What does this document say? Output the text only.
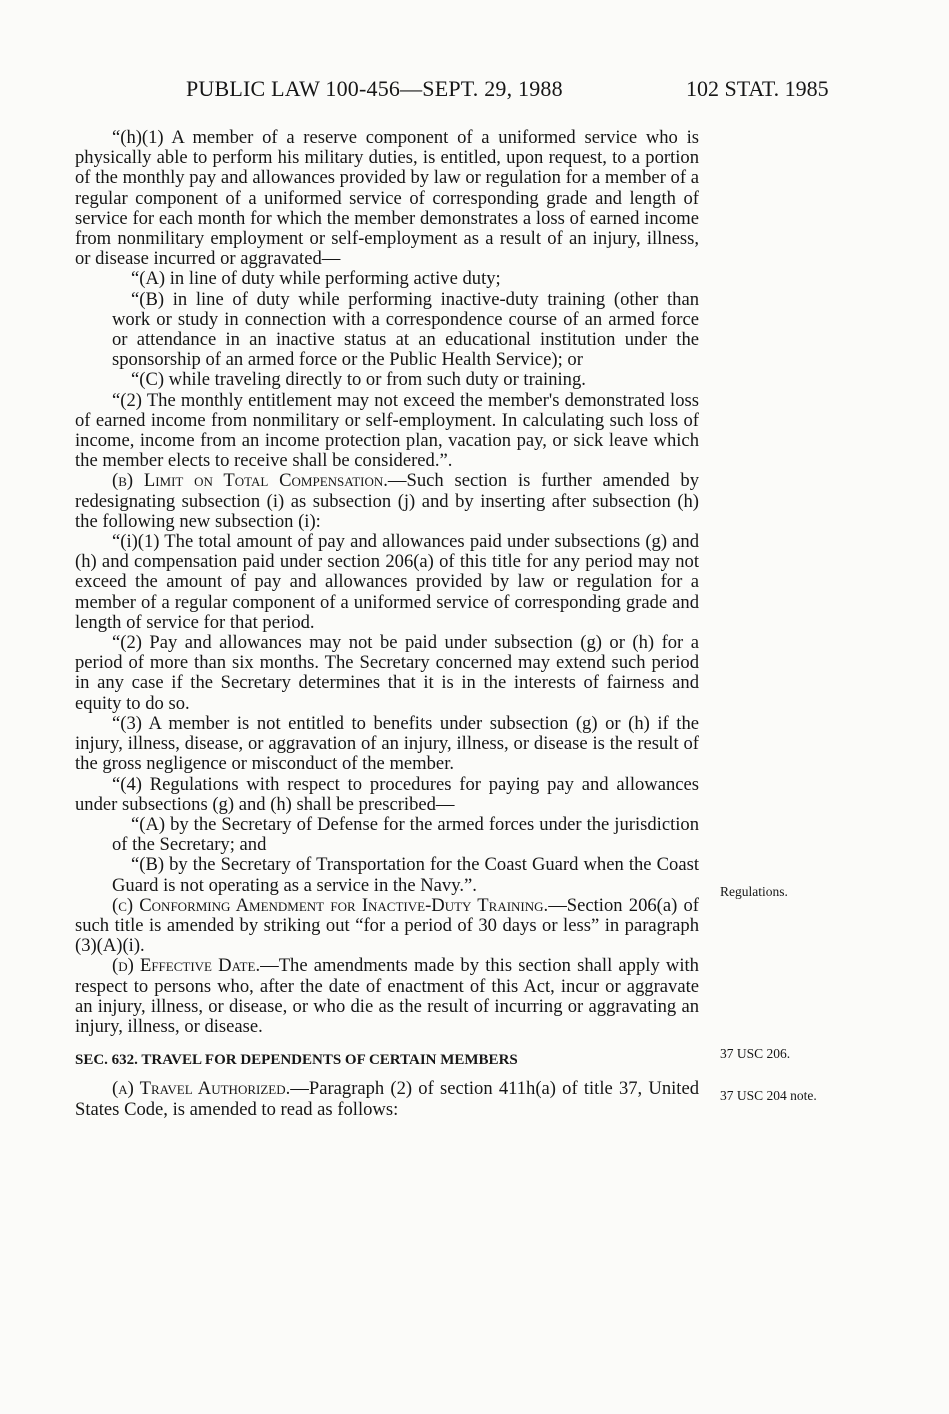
PUBLIC LAW 100-456—SEPT. 29, 1988	102 STAT. 1985

“(h)(1) A member of a reserve component of a uniformed service who is physically able to perform his military duties, is entitled, upon request, to a portion of the monthly pay and allowances provided by law or regulation for a member of a regular component of a uniformed service of corresponding grade and length of service for each month for which the member demonstrates a loss of earned income from nonmilitary employment or self-employment as a result of an injury, illness, or disease incurred or aggravated—

“(A) in line of duty while performing active duty;

“(B) in line of duty while performing inactive-duty training (other than work or study in connection with a correspondence course of an armed force or attendance in an inactive status at an educational institution under the sponsorship of an armed force or the Public Health Service); or

“(C) while traveling directly to or from such duty or training.

“(2) The monthly entitlement may not exceed the member's demonstrated loss of earned income from nonmilitary or self-employment. In calculating such loss of income, income from an income protection plan, vacation pay, or sick leave which the member elects to receive shall be considered.”.

(b) Limit on Total Compensation.—Such section is further amended by redesignating subsection (i) as subsection (j) and by inserting after subsection (h) the following new subsection (i):

“(i)(1) The total amount of pay and allowances paid under subsections (g) and (h) and compensation paid under section 206(a) of this title for any period may not exceed the amount of pay and allowances provided by law or regulation for a member of a regular component of a uniformed service of corresponding grade and length of service for that period.

“(2) Pay and allowances may not be paid under subsection (g) or (h) for a period of more than six months. The Secretary concerned may extend such period in any case if the Secretary determines that it is in the interests of fairness and equity to do so.

“(3) A member is not entitled to benefits under subsection (g) or (h) if the injury, illness, disease, or aggravation of an injury, illness, or disease is the result of the gross negligence or misconduct of the member.

“(4) Regulations with respect to procedures for paying pay and allowances under subsections (g) and (h) shall be prescribed—

“(A) by the Secretary of Defense for the armed forces under the jurisdiction of the Secretary; and

“(B) by the Secretary of Transportation for the Coast Guard when the Coast Guard is not operating as a service in the Navy.”.

(c) Conforming Amendment for Inactive-Duty Training.—Section 206(a) of such title is amended by striking out “for a period of 30 days or less” in paragraph (3)(A)(i).

(d) Effective Date.—The amendments made by this section shall apply with respect to persons who, after the date of enactment of this Act, incur or aggravate an injury, illness, or disease, or who die as the result of incurring or aggravating an injury, illness, or disease.

SEC. 632. TRAVEL FOR DEPENDENTS OF CERTAIN MEMBERS

(a) Travel Authorized.—Paragraph (2) of section 411h(a) of title 37, United States Code, is amended to read as follows:

Regulations.
37 USC 206.
37 USC 204 note.
